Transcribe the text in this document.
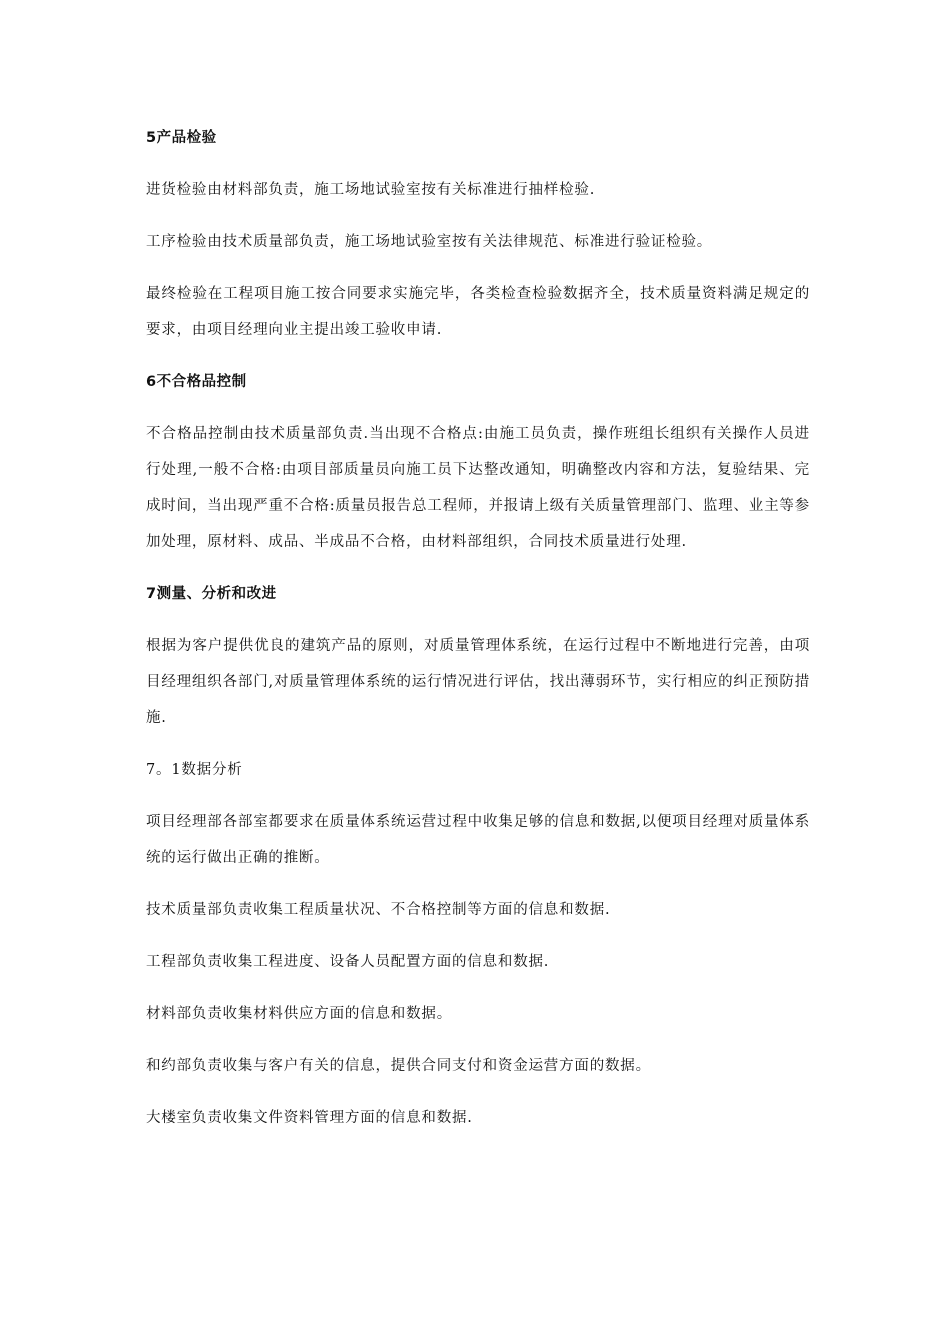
5产品检验

进货检验由材料部负责，施工场地试验室按有关标准进行抽样检验.

工序检验由技术质量部负责，施工场地试验室按有关法律规范、标准进行验证检验。

最终检验在工程项目施工按合同要求实施完毕，各类检查检验数据齐全，技术质量资料满足规定的要求，由项目经理向业主提出竣工验收申请.

6不合格品控制

不合格品控制由技术质量部负责.当出现不合格点:由施工员负责，操作班组长组织有关操作人员进行处理,一般不合格:由项目部质量员向施工员下达整改通知，明确整改内容和方法，复验结果、完成时间，当出现严重不合格:质量员报告总工程师，并报请上级有关质量管理部门、监理、业主等参加处理，原材料、成品、半成品不合格，由材料部组织，合同技术质量进行处理.

7测量、分析和改进

根据为客户提供优良的建筑产品的原则，对质量管理体系统，在运行过程中不断地进行完善，由项目经理组织各部门,对质量管理体系统的运行情况进行评估，找出薄弱环节，实行相应的纠正预防措施.

7。1数据分析

项目经理部各部室都要求在质量体系统运营过程中收集足够的信息和数据,以便项目经理对质量体系统的运行做出正确的推断。

技术质量部负责收集工程质量状况、不合格控制等方面的信息和数据.

工程部负责收集工程进度、设备人员配置方面的信息和数据.

材料部负责收集材料供应方面的信息和数据。

和约部负责收集与客户有关的信息，提供合同支付和资金运营方面的数据。

大楼室负责收集文件资料管理方面的信息和数据.
